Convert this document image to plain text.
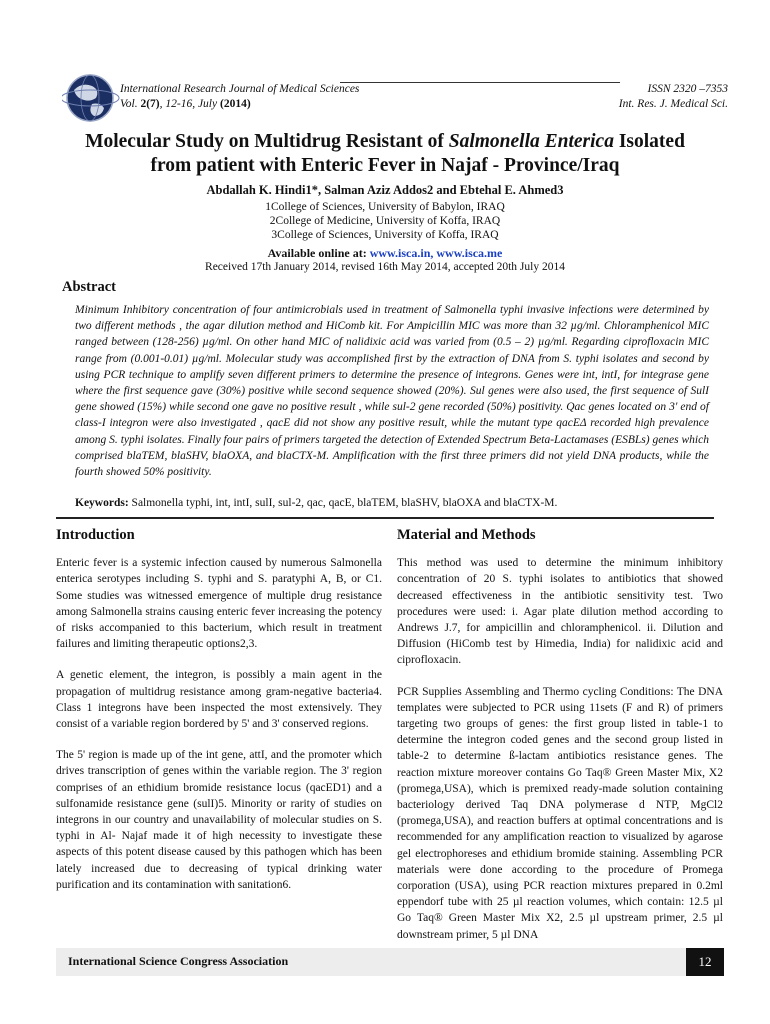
International Research Journal of Medical Sciences	ISSN 2320 –7353
Vol. 2(7), 12-16, July (2014)	Int. Res. J. Medical Sci.
Molecular Study on Multidrug Resistant of Salmonella Enterica Isolated
from patient with Enteric Fever in Najaf - Province/Iraq
Abdallah K. Hindi1*, Salman Aziz Addos2 and Ebtehal E. Ahmed3
1College of Sciences, University of Babylon, IRAQ
2College of Medicine, University of Koffa, IRAQ
3College of Sciences, University of Koffa, IRAQ
Available online at: www.isca.in, www.isca.me
Received 17th January 2014, revised 16th May 2014, accepted 20th July 2014
Abstract
Minimum Inhibitory concentration of four antimicrobials used in treatment of Salmonella typhi invasive infections were determined by two different methods , the agar dilution method and HiComb kit. For Ampicillin MIC was more than 32 µg/ml. Chloramphenicol MIC ranged between (128-256) µg/ml. On other hand MIC of nalidixic acid was varied from (0.5 – 2) µg/ml. Regarding ciprofloxacin MIC range from (0.001-0.01) µg/ml. Molecular study was accomplished first by the extraction of DNA from S. typhi isolates and second by using PCR technique to amplify seven different primers to determine the presence of integrons. Genes were int, intI, for integrase gene where the first sequence gave (30%) positive while second sequence showed (20%). Sul genes were also used, the first sequence of SulI gene showed (15%) while second one gave no positive result , while sul-2 gene recorded (50%) positivity. Qac genes located on 3' end of class-I integron were also investigated , qacE did not show any positive result, while the mutant type qacEΔ recorded high prevalence among S. typhi isolates. Finally four pairs of primers targeted the detection of Extended Spectrum Beta-Lactamases (ESBLs) genes which comprised blaTEM, blaSHV, blaOXA, and blaCTX-M. Amplification with the first three primers did not yield DNA products, while the fourth showed 50% positivity.
Keywords: Salmonella typhi, int, intI, sulI, sul-2, qac, qacE, blaTEM, blaSHV, blaOXA and blaCTX-M.
Introduction

Enteric fever is a systemic infection caused by numerous Salmonella enterica serotypes including S. typhi and S. paratyphi A, B, or C1. Some studies was witnessed emergence of multiple drug resistance among Salmonella strains causing enteric fever increasing the potency of risks accompanied to this bacterium, which result in treatment failures and limiting therapeutic options2,3.

A genetic element, the integron, is possibly a main agent in the propagation of multidrug resistance among gram-negative bacteria4. Class 1 integrons have been inspected the most extensively. They consist of a variable region bordered by 5' and 3' conserved regions.

The 5' region is made up of the int gene, attI, and the promoter which drives transcription of genes within the variable region. The 3' region comprises of an ethidium bromide resistance locus (qacED1) and a sulfonamide resistance gene (sulI)5. Minority or rarity of studies on integrons in our country and unavailability of molecular studies on S. typhi in Al- Najaf made it of high necessity to investigate these aspects of this potent disease caused by this pathogen which has been lately increased due to decreasing of typical drinking water purification and its contamination with sanitation6.

Material and Methods

This method was used to determine the minimum inhibitory concentration of 20 S. typhi isolates to antibiotics that showed decreased effectiveness in the antibiotic sensitivity test. Two procedures were used: i. Agar plate dilution method according to Andrews J.7, for ampicillin and chloramphenicol. ii. Dilution and Diffusion (HiComb test by Himedia, India) for nalidixic acid and ciprofloxacin.

PCR Supplies Assembling and Thermo cycling Conditions: The DNA templates were subjected to PCR using 11sets (F and R) of primers targeting two groups of genes: the first group listed in table-1 to determine the integron coded genes and the second group listed in table-2 to determine ß-lactam antibiotics resistance genes. The reaction mixture moreover contains Go Taq® Green Master Mix, X2 (promega,USA), which is premixed ready-made solution containing bacteriology derived Taq DNA polymerase d NTP, MgCl2 (promega,USA), and reaction buffers at optimal concentrations and is recommended for any amplification reaction to visualized by agarose gel electrophoreses and ethidium bromide staining. Assembling PCR materials were done according to the procedure of Promega corporation (USA), using PCR reaction mixtures prepared in 0.2ml eppendorf tube with 25 µl reaction volumes, which contain: 12.5 µl Go Taq® Green Master Mix X2, 2.5 µl upstream primer, 2.5 µl downstream primer, 5 µl DNA

International Science Congress Association	12
